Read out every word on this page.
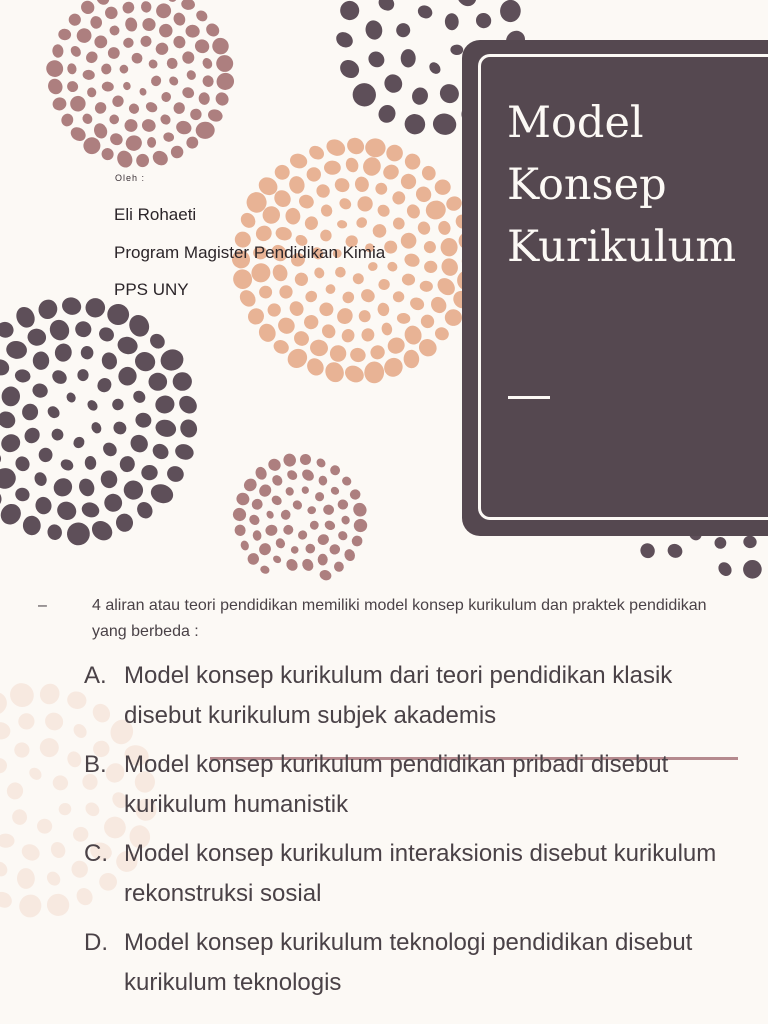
Model
Konsep
Kurikulum
Oleh :
Eli Rohaeti
Program Magister Pendidikan Kimia
PPS UNY
–	4 aliran atau teori pendidikan memiliki model konsep kurikulum dan praktek pendidikan yang berbeda :
A. Model konsep kurikulum dari teori pendidikan klasik disebut kurikulum subjek akademis
B. Model konsep kurikulum pendidikan pribadi disebut kurikulum humanistik
C. Model konsep kurikulum interaksionis disebut kurikulum rekonstruksi sosial
D. Model konsep kurikulum teknologi pendidikan disebut kurikulum teknologis
